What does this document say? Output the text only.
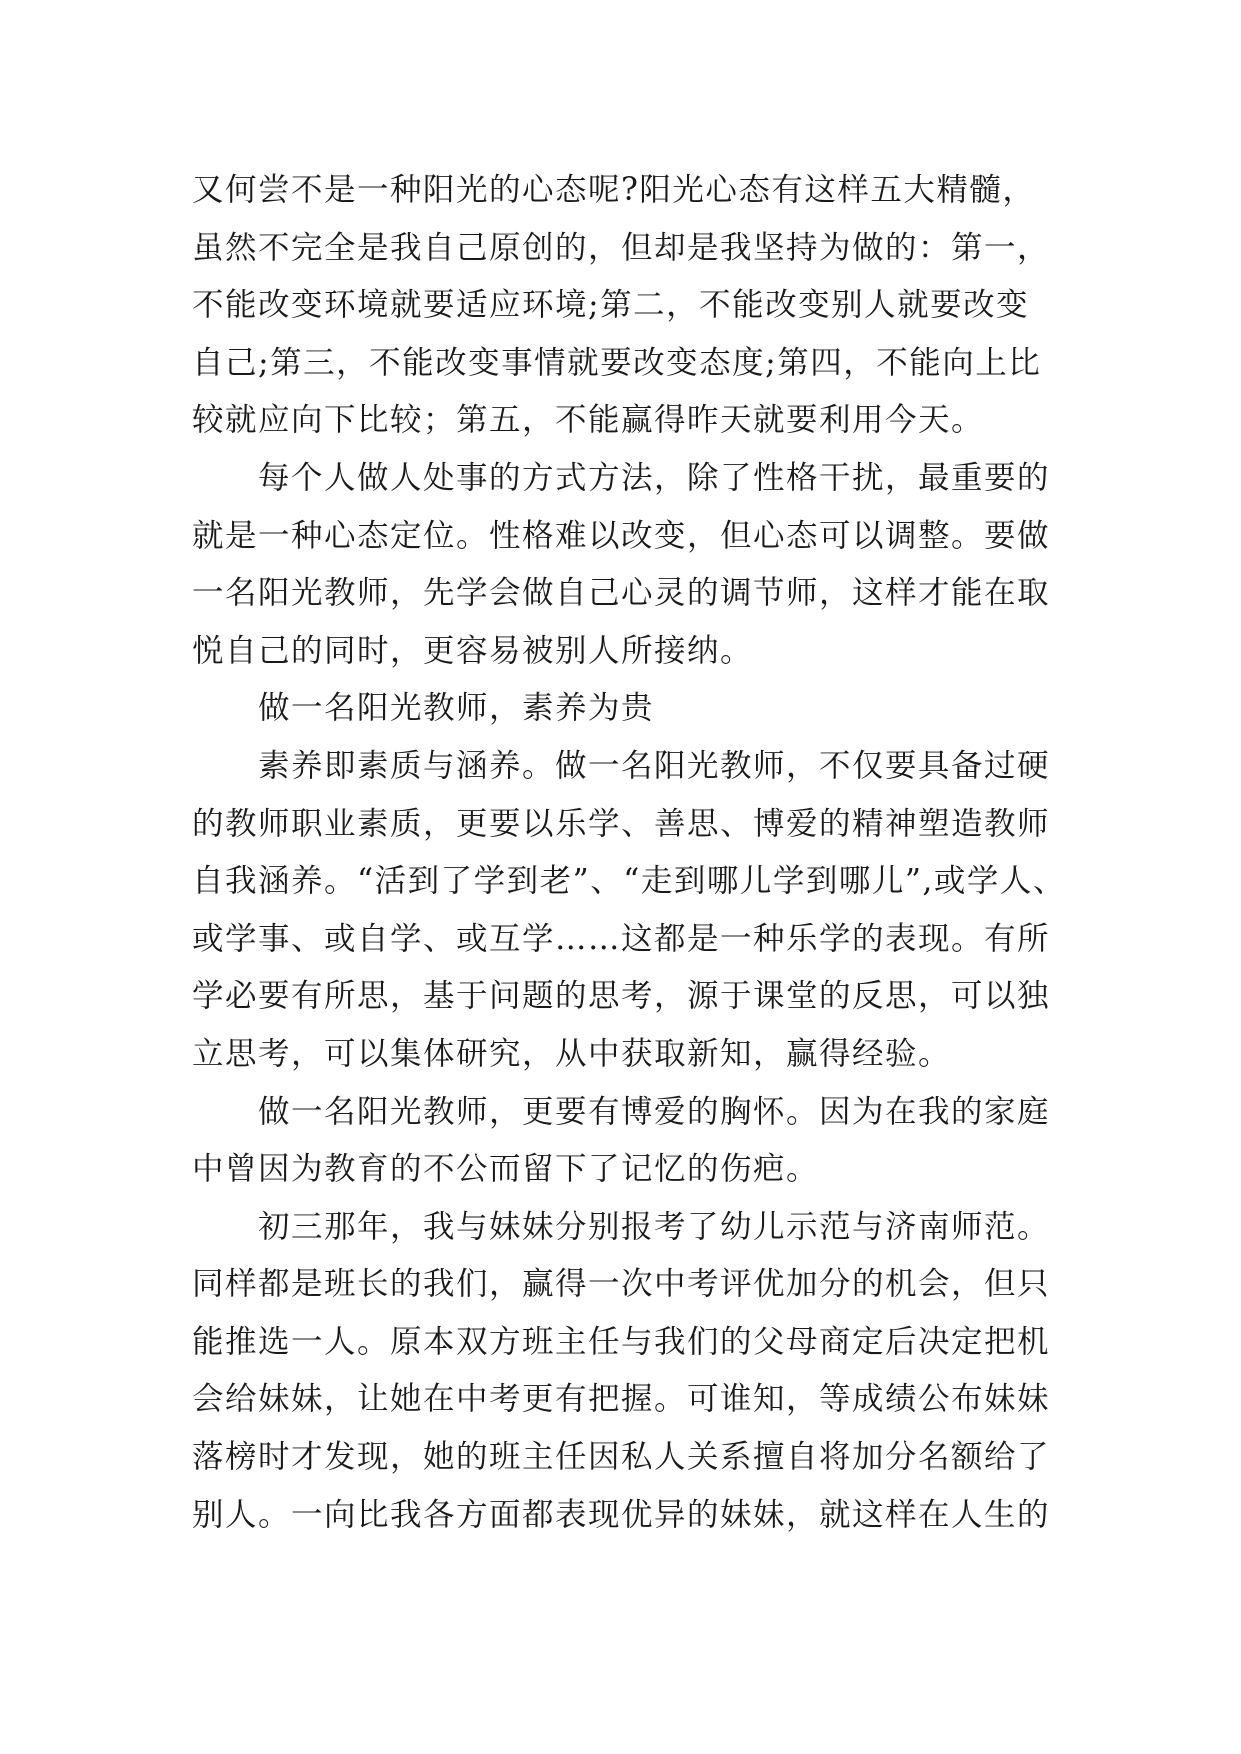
又何尝不是一种阳光的心态呢?阳光心态有这样五大精髓，
虽然不完全是我自己原创的，但却是我坚持为做的：第一，
不能改变环境就要适应环境;第二，不能改变别人就要改变
自己;第三，不能改变事情就要改变态度;第四，不能向上比
较就应向下比较；第五，不能赢得昨天就要利用今天。
　　每个人做人处事的方式方法，除了性格干扰，最重要的
就是一种心态定位。性格难以改变，但心态可以调整。要做
一名阳光教师，先学会做自己心灵的调节师，这样才能在取
悦自己的同时，更容易被别人所接纳。
　　做一名阳光教师，素养为贵
　　素养即素质与涵养。做一名阳光教师，不仅要具备过硬
的教师职业素质，更要以乐学、善思、博爱的精神塑造教师
自我涵养。“活到了学到老”、“走到哪儿学到哪儿”,或学人、
或学事、或自学、或互学……这都是一种乐学的表现。有所
学必要有所思，基于问题的思考，源于课堂的反思，可以独
立思考，可以集体研究，从中获取新知，赢得经验。
　　做一名阳光教师，更要有博爱的胸怀。因为在我的家庭
中曾因为教育的不公而留下了记忆的伤疤。
　　初三那年，我与妹妹分别报考了幼儿示范与济南师范。
同样都是班长的我们，赢得一次中考评优加分的机会，但只
能推选一人。原本双方班主任与我们的父母商定后决定把机
会给妹妹，让她在中考更有把握。可谁知，等成绩公布妹妹
落榜时才发现，她的班主任因私人关系擅自将加分名额给了
别人。一向比我各方面都表现优异的妹妹，就这样在人生的
